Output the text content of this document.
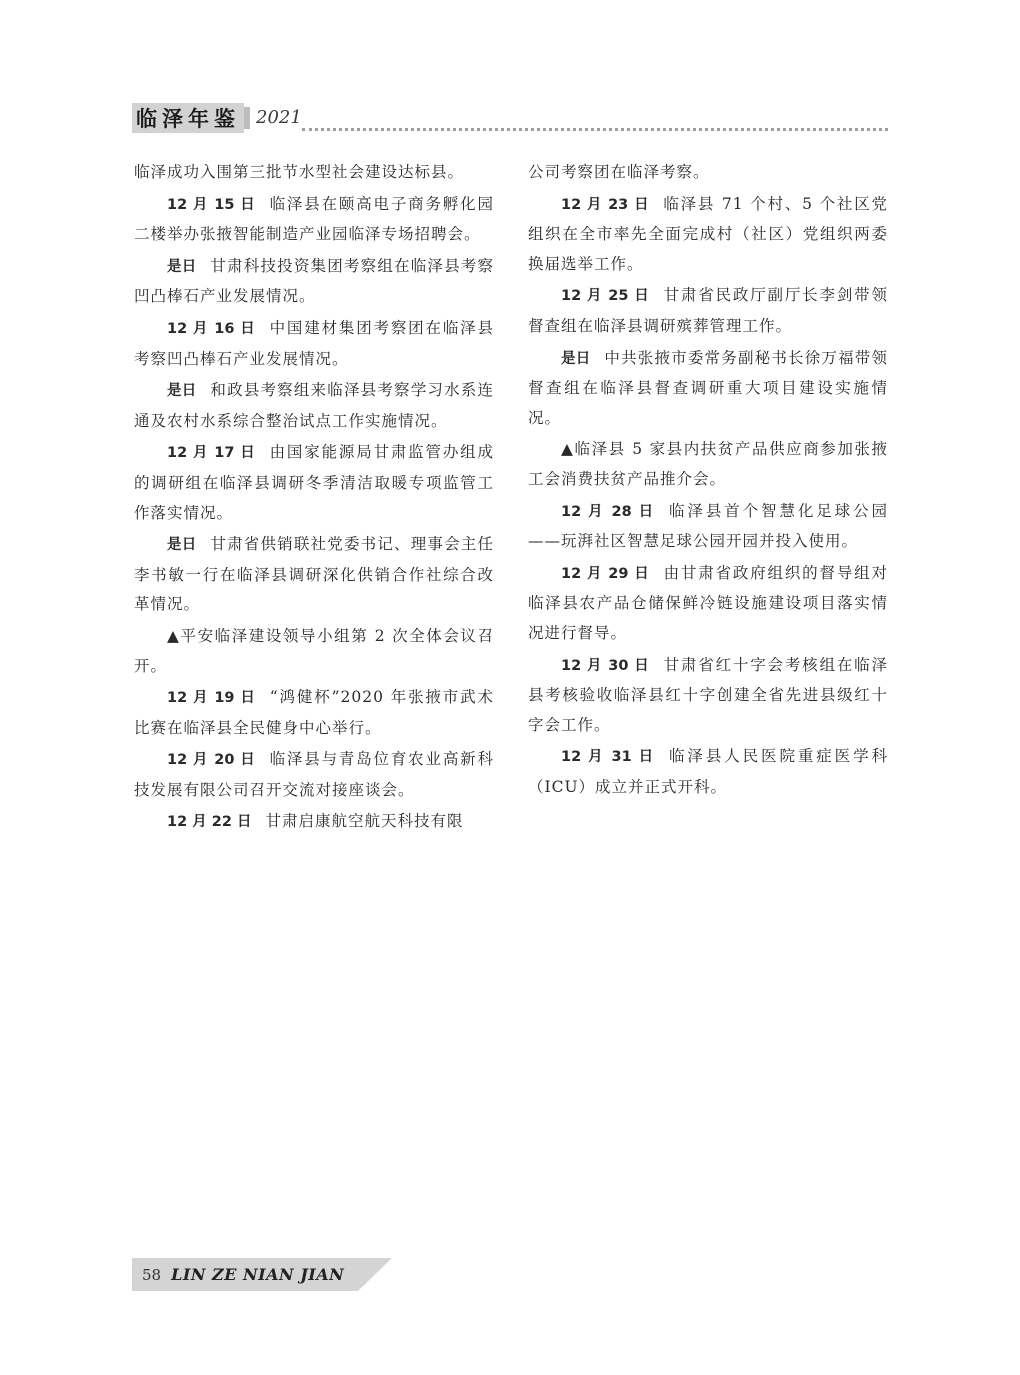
临泽年鉴 2021

临泽成功入围第三批节水型社会建设达标县。

12 月 15 日 临泽县在颐高电子商务孵化园二楼举办张掖智能制造产业园临泽专场招聘会。

是日 甘肃科技投资集团考察组在临泽县考察凹凸棒石产业发展情况。

12 月 16 日 中国建材集团考察团在临泽县考察凹凸棒石产业发展情况。

是日 和政县考察组来临泽县考察学习水系连通及农村水系综合整治试点工作实施情况。

12 月 17 日 由国家能源局甘肃监管办组成的调研组在临泽县调研冬季清洁取暖专项监管工作落实情况。

是日 甘肃省供销联社党委书记、理事会主任李书敏一行在临泽县调研深化供销合作社综合改革情况。

▲平安临泽建设领导小组第 2 次全体会议召开。

12 月 19 日 “鸿健杯”2020 年张掖市武术比赛在临泽县全民健身中心举行。

12 月 20 日 临泽县与青岛位育农业高新科技发展有限公司召开交流对接座谈会。

12 月 22 日 甘肃启康航空航天科技有限

公司考察团在临泽考察。

12 月 23 日 临泽县 71 个村、5 个社区党组织在全市率先全面完成村（社区）党组织两委换届选举工作。

12 月 25 日 甘肃省民政厅副厅长李剑带领督查组在临泽县调研殡葬管理工作。

是日 中共张掖市委常务副秘书长徐万福带领督查组在临泽县督查调研重大项目建设实施情况。

▲临泽县 5 家县内扶贫产品供应商参加张掖工会消费扶贫产品推介会。

12 月 28 日 临泽县首个智慧化足球公园——玩湃社区智慧足球公园开园并投入使用。

12 月 29 日 由甘肃省政府组织的督导组对临泽县农产品仓储保鲜冷链设施建设项目落实情况进行督导。

12 月 30 日 甘肃省红十字会考核组在临泽县考核验收临泽县红十字创建全省先进县级红十字会工作。

12 月 31 日 临泽县人民医院重症医学科（ICU）成立并正式开科。

58 LIN ZE NIAN JIAN
